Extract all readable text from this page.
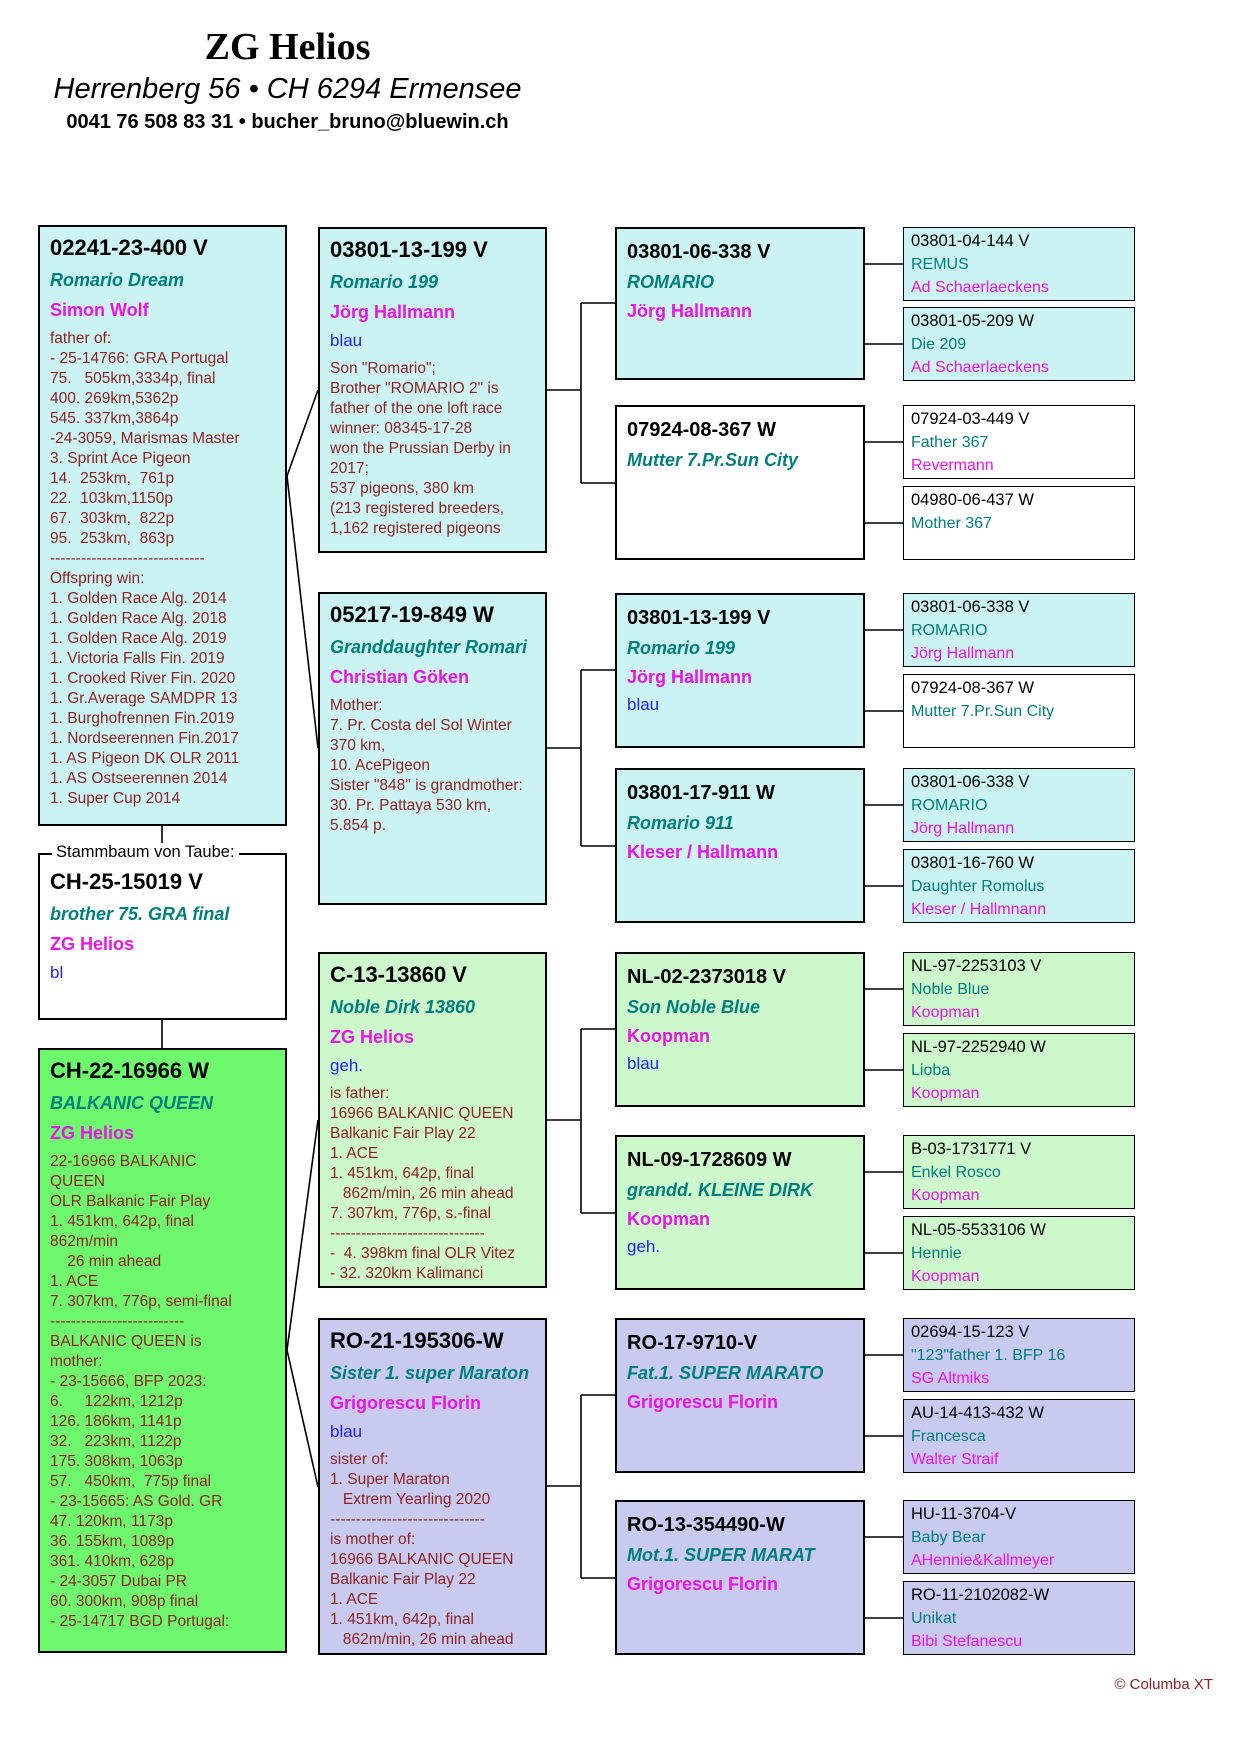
ZG Helios
Herrenberg 56 • CH 6294 Ermensee
0041 76 508 83 31 • bucher_bruno@bluewin.ch
02241-23-400 V
Romario Dream
Simon Wolf
father of:
- 25-14766: GRA Portugal
75.   505km,3334p, final
400. 269km,5362p
545. 337km,3864p
-24-3059, Marismas Master
3. Sprint Ace Pigeon
14.  253km,  761p
22.  103km,1150p
67.  303km,  822p
95.  253km,  863p
------------------------------
Offspring win:
1. Golden Race Alg. 2014
1. Golden Race Alg. 2018
1. Golden Race Alg. 2019
1. Victoria Falls Fin. 2019
1. Crooked River Fin. 2020
1. Gr.Average SAMDPR 13
1. Burghofrennen Fin.2019
1. Nordseerennen Fin.2017
1. AS Pigeon DK OLR 2011
1. AS Ostseerennen 2014
1. Super Cup 2014
Stammbaum von Taube:
CH-25-15019 V
brother 75. GRA final
ZG Helios
bl
CH-22-16966 W
BALKANIC QUEEN
ZG Helios
22-16966 BALKANIC
QUEEN
OLR Balkanic Fair Play
1. 451km, 642p, final
862m/min
26 min ahead
1. ACE
7. 307km, 776p, semi-final
--------------------------
BALKANIC QUEEN is
mother:
- 23-15666, BFP 2023:
6.     122km, 1212p
126. 186km, 1141p
32.   223km, 1122p
175. 308km, 1063p
57.   450km,  775p final
- 23-15665: AS Gold. GR
47. 120km, 1173p
36. 155km, 1089p
361. 410km, 628p
- 24-3057 Dubai PR
60. 300km, 908p final
- 25-14717 BGD Portugal:
03801-13-199 V
Romario 199
Jörg Hallmann
blau
Son "Romario";
Brother "ROMARIO 2" is
father of the one loft race
winner: 08345-17-28
won the Prussian Derby in
2017;
537 pigeons, 380 km
(213 registered breeders,
1,162 registered pigeons
05217-19-849 W
Granddaughter Romari
Christian Göken
Mother:
7. Pr. Costa del Sol Winter
370 km,
10. AcePigeon
Sister "848" is grandmother:
30. Pr. Pattaya 530 km,
5.854 p.
C-13-13860 V
Noble Dirk 13860
ZG Helios
geh.
is father:
16966 BALKANIC QUEEN
Balkanic Fair Play 22
1. ACE
1. 451km, 642p, final
862m/min, 26 min ahead
7. 307km, 776p, s.-final
------------------------------
-  4. 398km final OLR Vitez
- 32. 320km Kalimanci
RO-21-195306-W
Sister 1. super Maraton
Grigorescu Florin
blau
sister of:
1. Super Maraton
Extrem Yearling 2020
------------------------------
is mother of:
16966 BALKANIC QUEEN
Balkanic Fair Play 22
1. ACE
1. 451km, 642p, final
862m/min, 26 min ahead
03801-06-338 V
ROMARIO
Jörg Hallmann
07924-08-367 W
Mutter 7.Pr.Sun City
03801-13-199 V
Romario 199
Jörg Hallmann
blau
03801-17-911 W
Romario 911
Kleser / Hallmann
NL-02-2373018 V
Son Noble Blue
Koopman
blau
NL-09-1728609 W
grandd. KLEINE DIRK
Koopman
geh.
RO-17-9710-V
Fat.1. SUPER MARATO
Grigorescu Florin
RO-13-354490-W
Mot.1. SUPER MARAT
Grigorescu Florin
03801-04-144 V
REMUS
Ad Schaerlaeckens
03801-05-209 W
Die 209
Ad Schaerlaeckens
07924-03-449 V
Father 367
Revermann
04980-06-437 W
Mother 367
03801-06-338 V
ROMARIO
Jörg Hallmann
07924-08-367 W
Mutter 7.Pr.Sun City
03801-06-338 V
ROMARIO
Jörg Hallmann
03801-16-760 W
Daughter Romolus
Kleser / Hallmnann
NL-97-2253103 V
Noble Blue
Koopman
NL-97-2252940 W
Lioba
Koopman
B-03-1731771 V
Enkel Rosco
Koopman
NL-05-5533106 W
Hennie
Koopman
02694-15-123 V
"123"father 1. BFP 16
SG Altmiks
AU-14-413-432 W
Francesca
Walter Straif
HU-11-3704-V
Baby Bear
AHennie&Kallmeyer
RO-11-2102082-W
Unikat
Bibi Stefanescu
© Columba XT
